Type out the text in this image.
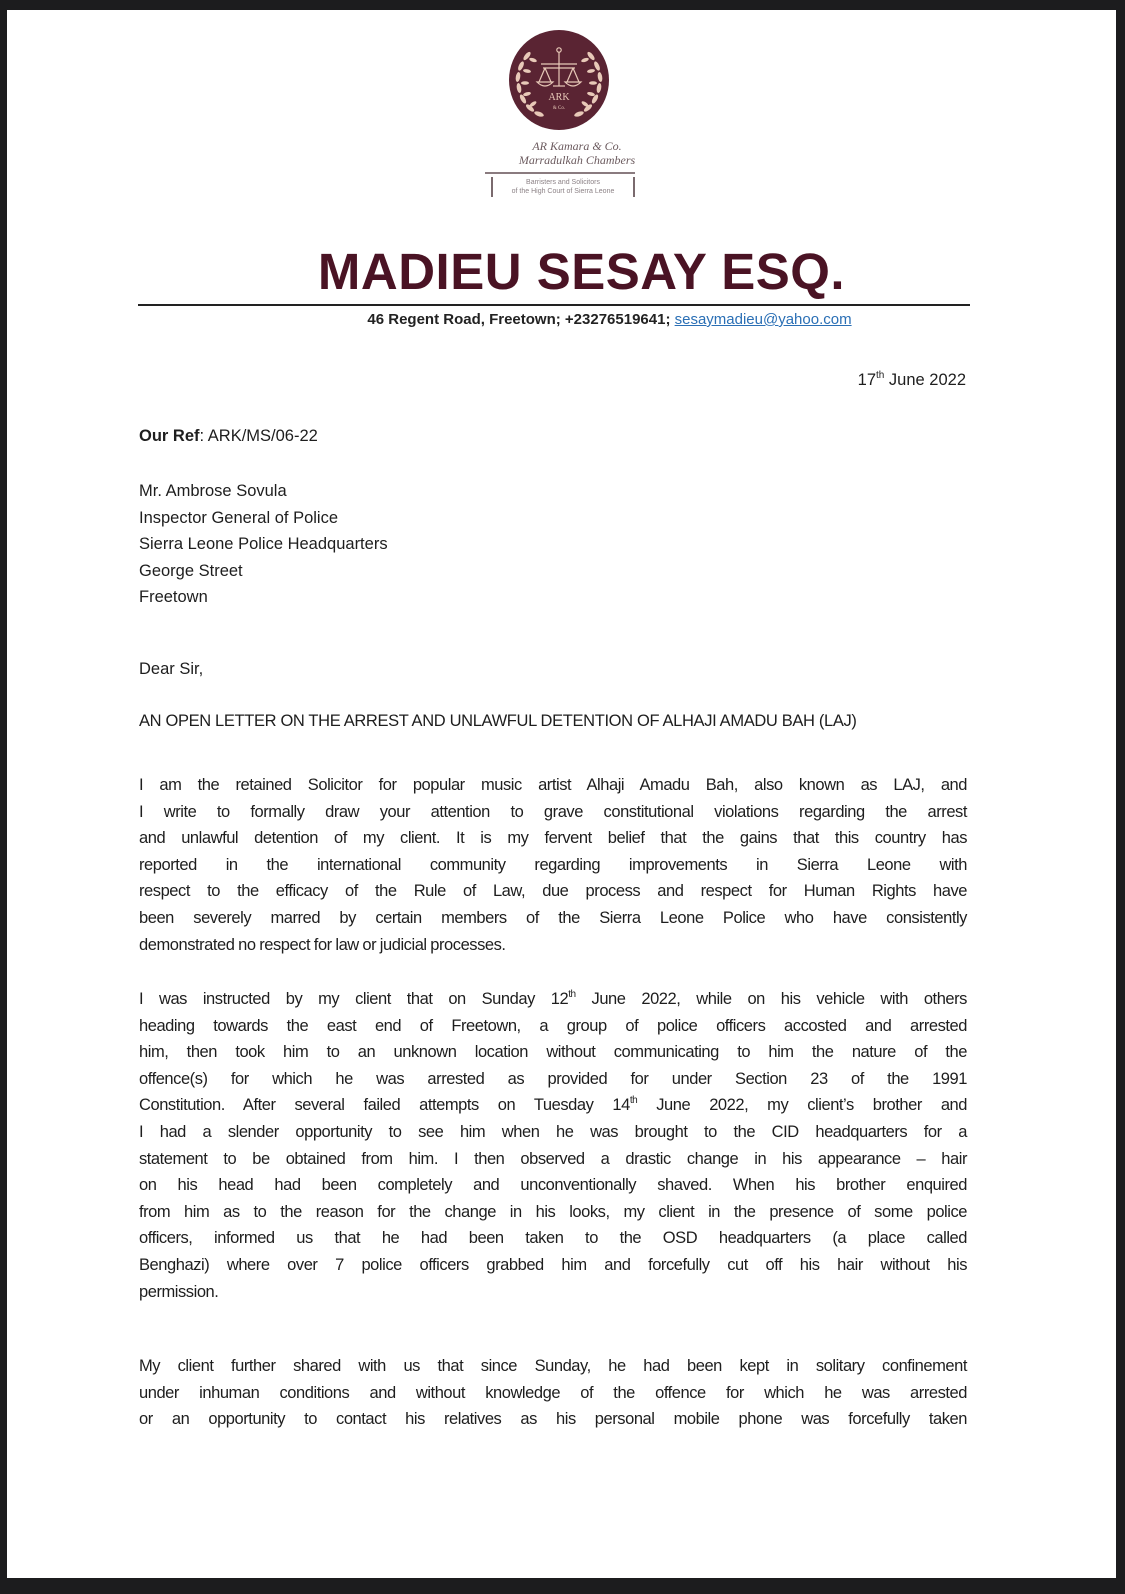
ARK
& Co.
AR Kamara & Co.
Marradulkah Chambers
Barristers and Solicitors
of the High Court of Sierra Leone
MADIEU SESAY ESQ.
46 Regent Road, Freetown; +23276519641; sesaymadieu@yahoo.com
17th June 2022
Our Ref: ARK/MS/06-22
Mr. Ambrose Sovula
Inspector General of Police
Sierra Leone Police Headquarters
George Street
Freetown
Dear Sir,
AN OPEN LETTER ON THE ARREST AND UNLAWFUL DETENTION OF ALHAJI AMADU BAH (LAJ)
I am the retained Solicitor for popular music artist Alhaji Amadu Bah, also known as LAJ, and
I write to formally draw your attention to grave constitutional violations regarding the arrest
and unlawful detention of my client. It is my fervent belief that the gains that this country has
reported in the international community regarding improvements in Sierra Leone with
respect to the efficacy of the Rule of Law, due process and respect for Human Rights have
been severely marred by certain members of the Sierra Leone Police who have consistently
demonstrated no respect for law or judicial processes.
I was instructed by my client that on Sunday 12th June 2022, while on his vehicle with others
heading towards the east end of Freetown, a group of police officers accosted and arrested
him, then took him to an unknown location without communicating to him the nature of the
offence(s) for which he was arrested as provided for under Section 23 of the 1991
Constitution. After several failed attempts on Tuesday 14th June 2022, my client’s brother and
I had a slender opportunity to see him when he was brought to the CID headquarters for a
statement to be obtained from him. I then observed a drastic change in his appearance – hair
on his head had been completely and unconventionally shaved. When his brother enquired
from him as to the reason for the change in his looks, my client in the presence of some police
officers, informed us that he had been taken to the OSD headquarters (a place called
Benghazi) where over 7 police officers grabbed him and forcefully cut off his hair without his
permission.
My client further shared with us that since Sunday, he had been kept in solitary confinement
under inhuman conditions and without knowledge of the offence for which he was arrested
or an opportunity to contact his relatives as his personal mobile phone was forcefully taken
